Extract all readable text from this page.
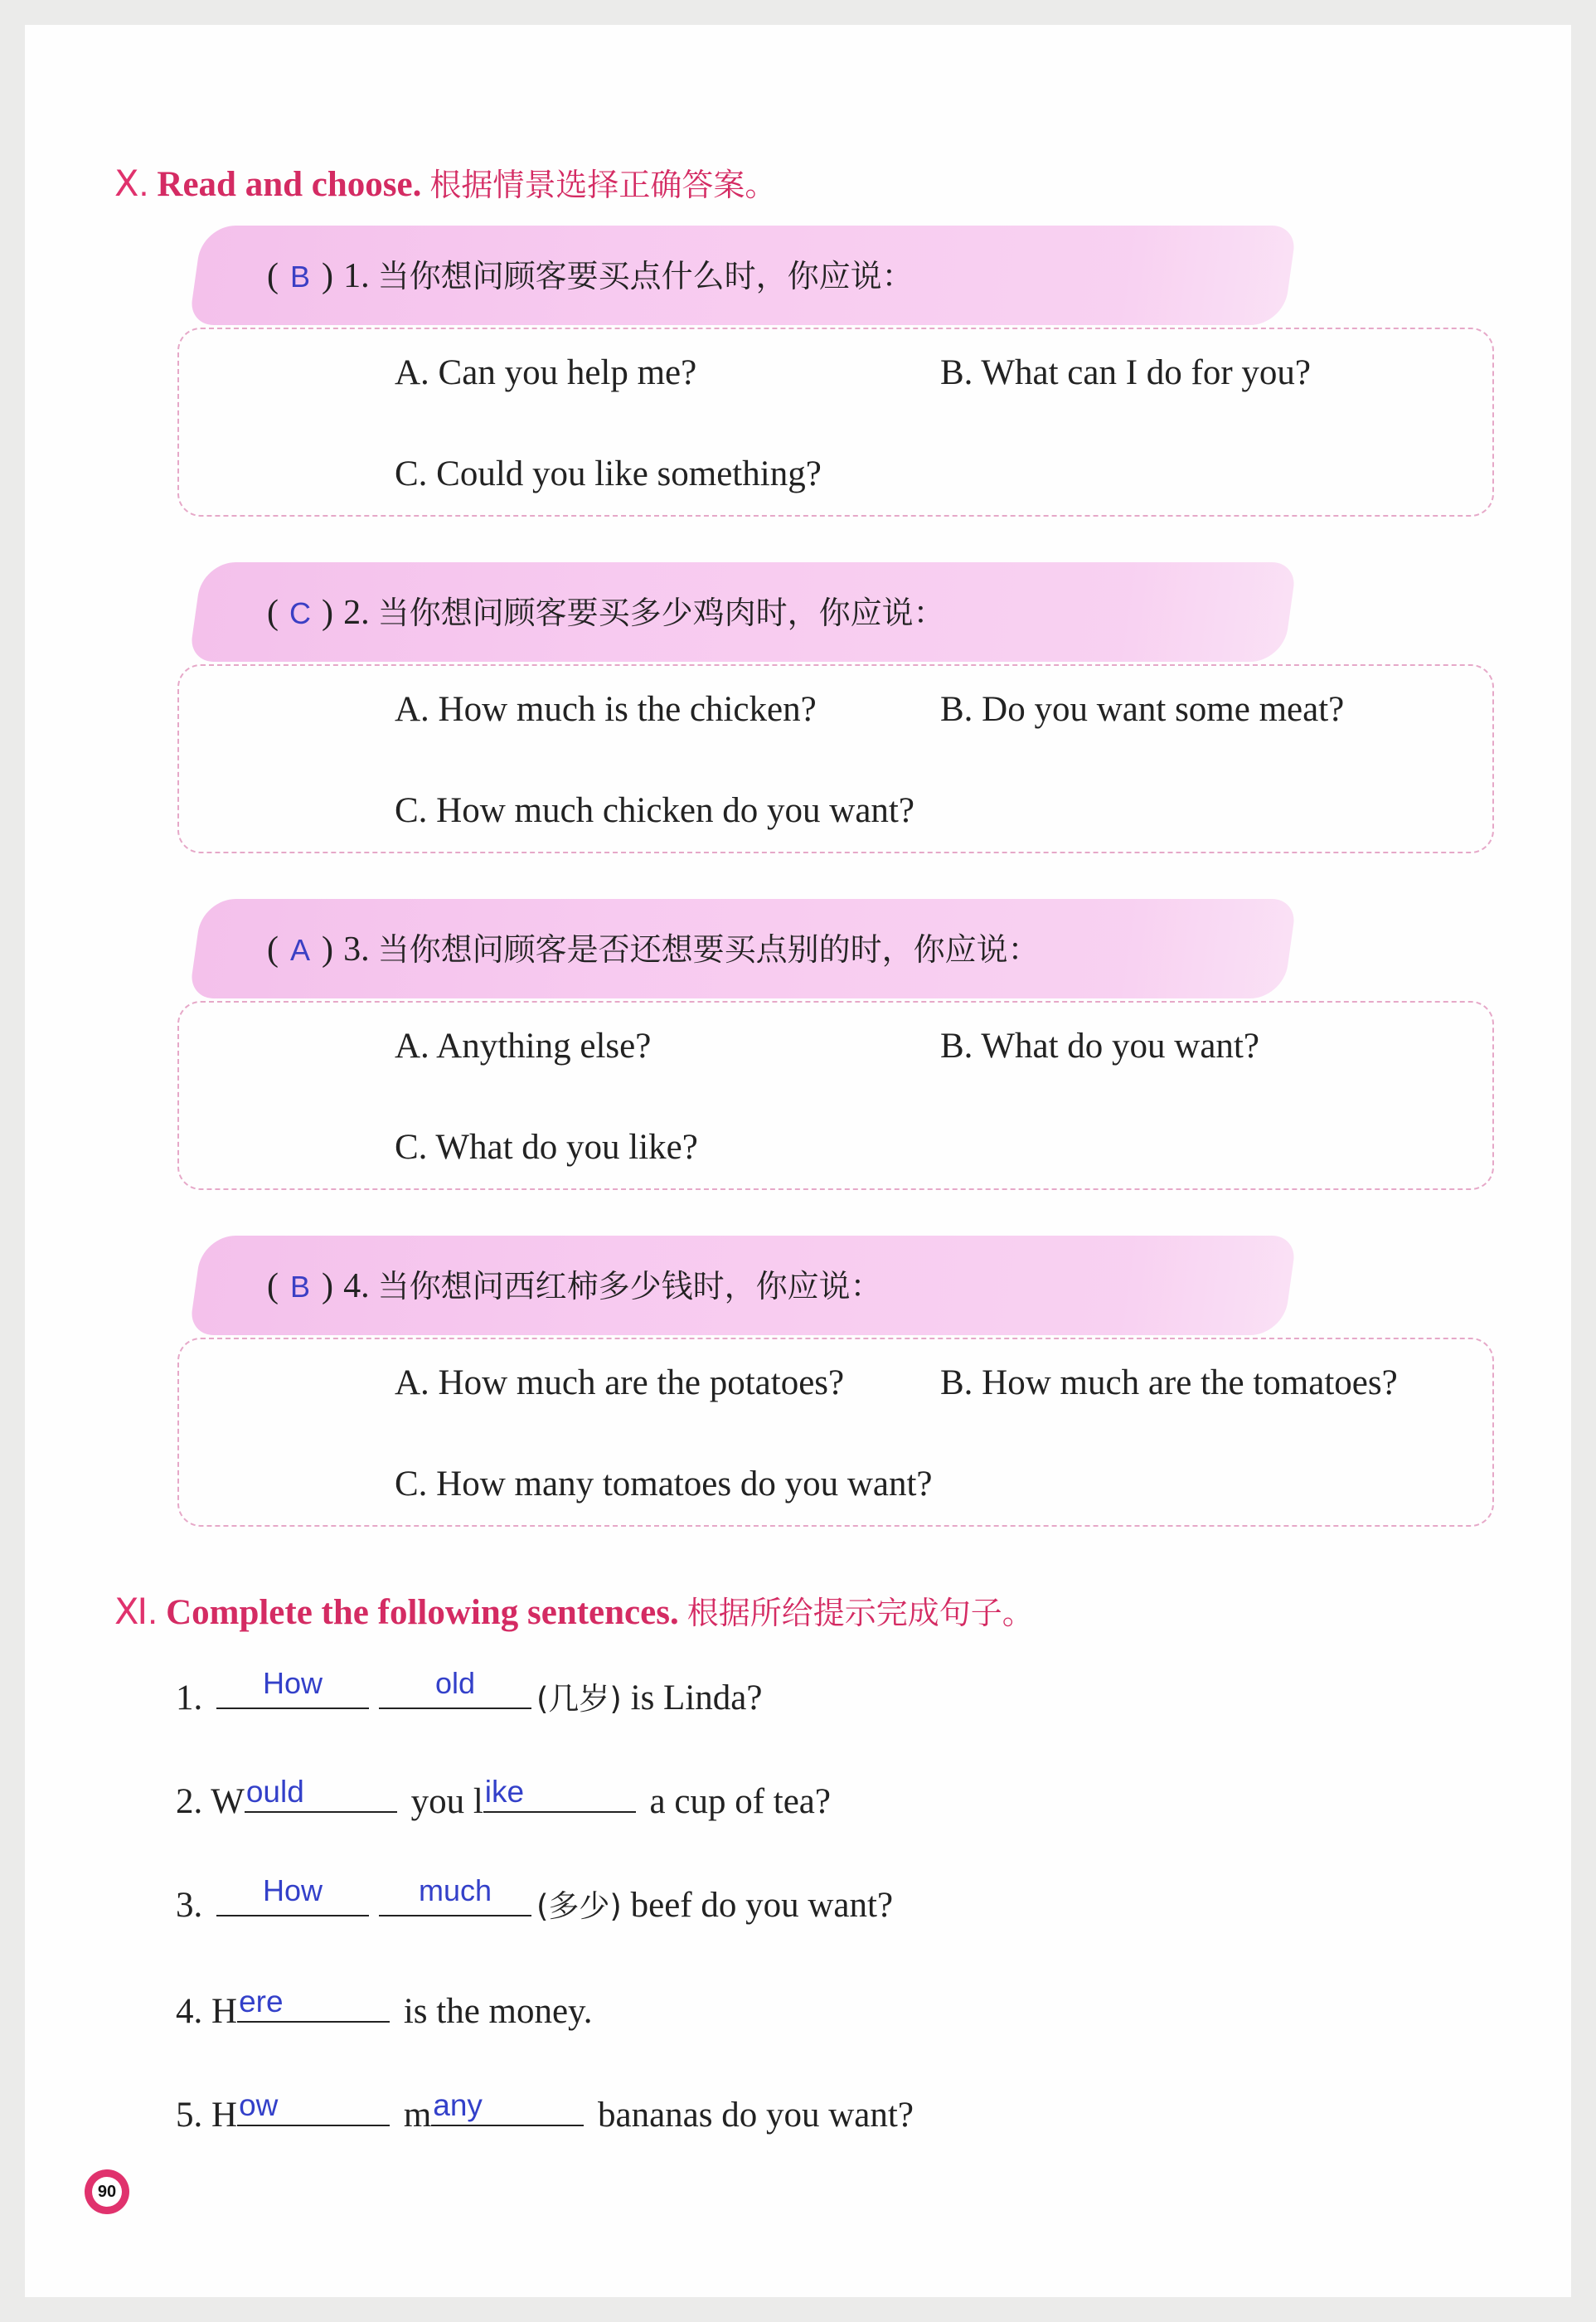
Ⅹ. Read and choose. 根据情景选择正确答案。
( B ) 1. 当你想问顾客要买点什么时，你应说：
A. Can you help me?	B. What can I do for you?
C. Could you like something?
( C ) 2. 当你想问顾客要买多少鸡肉时，你应说：
A. How much is the chicken?	B. Do you want some meat?
C. How much chicken do you want?
( A ) 3. 当你想问顾客是否还想要买点别的时，你应说：
A. Anything else?	B. What do you want?
C. What do you like?
( B ) 4. 当你想问西红柿多少钱时，你应说：
A. How much are the potatoes?	B. How much are the tomatoes?
C. How many tomatoes do you want?
Ⅺ. Complete the following sentences. 根据所给提示完成句子。
1.	How	old	(几岁) is Linda?
2. W ould	you l ike	a cup of tea?
3.	How	much	(多少) beef do you want?
4. H ere	is the money.
5. H ow	m any	bananas do you want?
90
